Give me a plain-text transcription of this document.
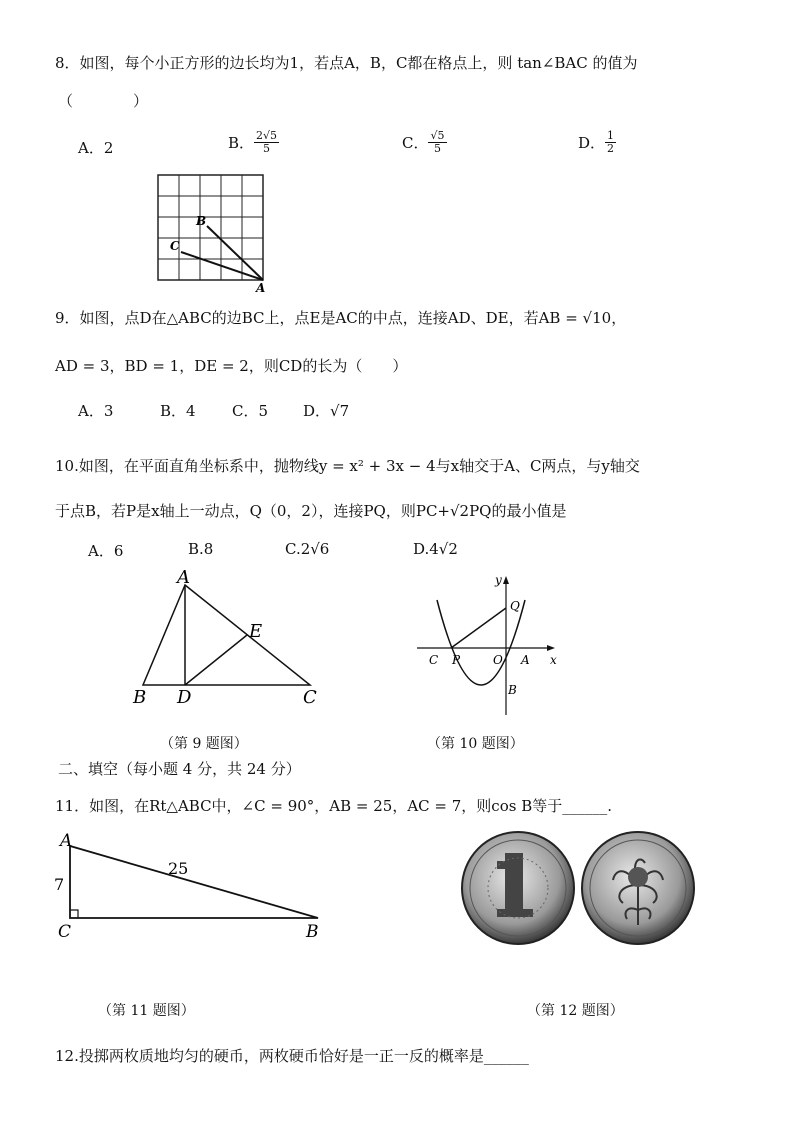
8．如图，每个小正方形的边长均为1，若点A，B，C都在格点上，则 tan∠BAC 的值为
（　　　　）
A．2	B． $\frac{2√5}{5}$	C． $\frac{√5}{5}$	D． $\frac{1}{2}$
B
C
A
9．如图，点D在△ABC的边BC上，点E是AC的中点，连接AD、DE，若AB = √10，
AD = 3，BD = 1，DE = 2，则CD的长为（　　）
A．3	B．4 C．5 D．√7
10.如图，在平面直角坐标系中，抛物线y = x² + 3x − 4与x轴交于A、C两点，与y轴交
于点B，若P是x轴上一动点，Q（0，2），连接PQ，则PC+√2PQ的最小值是
A．6	B.8	C.2√6	D.4√2
A
B	C
D
E
y
x
Q
C P	O A
B
（第 9 题图）	（第 10 题图）
二、填空（每小题 4 分，共 24 分）
11．如图，在Rt△ABC中，∠C = 90°，AB = 25，AC = 7，则cos B等于______.
A
C	B
25
7
（第 11 题图）	（第 12 题图）
12.投掷两枚质地均匀的硬币，两枚硬币恰好是一正一反的概率是______
